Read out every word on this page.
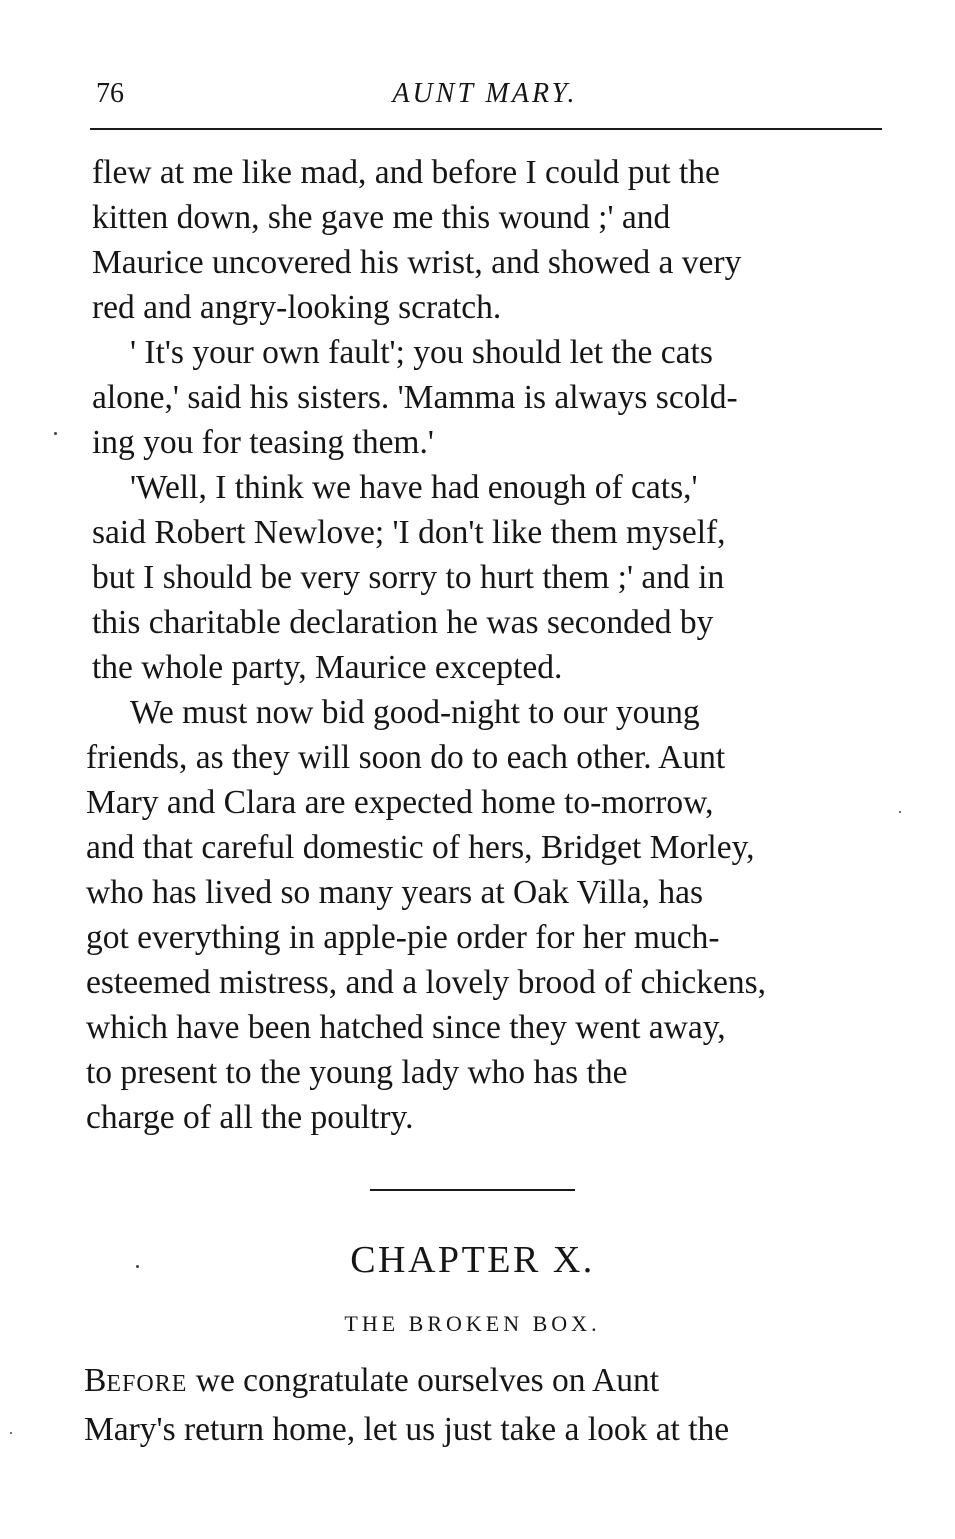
76	AUNT MARY.

flew at me like mad, and before I could put the
kitten down, she gave me this wound ;' and
Maurice uncovered his wrist, and showed a very
red and angry-looking scratch.

' It's your own fault'; you should let the cats
alone,' said his sisters. 'Mamma is always scold-
ing you for teasing them.'

'Well, I think we have had enough of cats,'
said Robert Newlove; 'I don't like them myself,
but I should be very sorry to hurt them ;' and in
this charitable declaration he was seconded by
the whole party, Maurice excepted.

We must now bid good-night to our young
friends, as they will soon do to each other. Aunt
Mary and Clara are expected home to-morrow,
and that careful domestic of hers, Bridget Morley,
who has lived so many years at Oak Villa, has
got everything in apple-pie order for her much-
esteemed mistress, and a lovely brood of chickens,
which have been hatched since they went away,
to present to the young lady who has the
charge of all the poultry.

CHAPTER X.
THE BROKEN BOX.

BEFORE we congratulate ourselves on Aunt
Mary's return home, let us just take a look at the
